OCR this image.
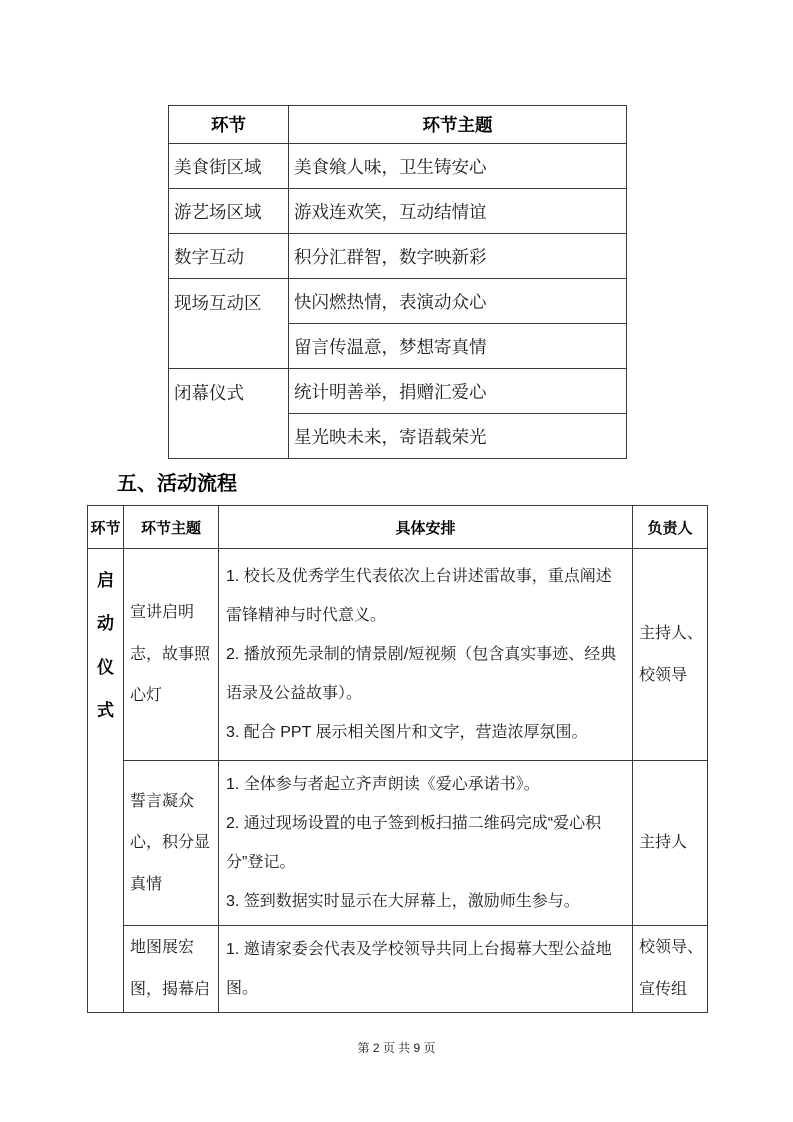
环节	环节主题
美食街区域	美食飨人味，卫生铸安心
游艺场区域	游戏连欢笑，互动结情谊
数字互动	积分汇群智，数字映新彩
现场互动区	快闪燃热情，表演动众心
	留言传温意，梦想寄真情
闭幕仪式	统计明善举，捐赠汇爱心
	星光映未来，寄语载荣光
五、活动流程
环节	环节主题	具体安排	负责人

启动仪式	宣讲启明志，故事照心灯	1. 校长及优秀学生代表依次上台讲述雷故事，重点阐述雷锋精神与时代意义。

2. 播放预先录制的情景剧/短视频（包含真实事迹、经典语录及公益故事）。

3. 配合 PPT 展示相关图片和文字，营造浓厚氛围。	主持人、校领导
	誓言凝众心，积分显真情	1. 全体参与者起立齐声朗读《爱心承诺书》。

2. 通过现场设置的电子签到板扫描二维码完成“爱心积分”登记。

3. 签到数据实时显示在大屏幕上，激励师生参与。	主持人
	地图展宏图，揭幕启	1. 邀请家委会代表及学校领导共同上台揭幕大型公益地图。	校领导、宣传组
第 2 页 共 9 页
